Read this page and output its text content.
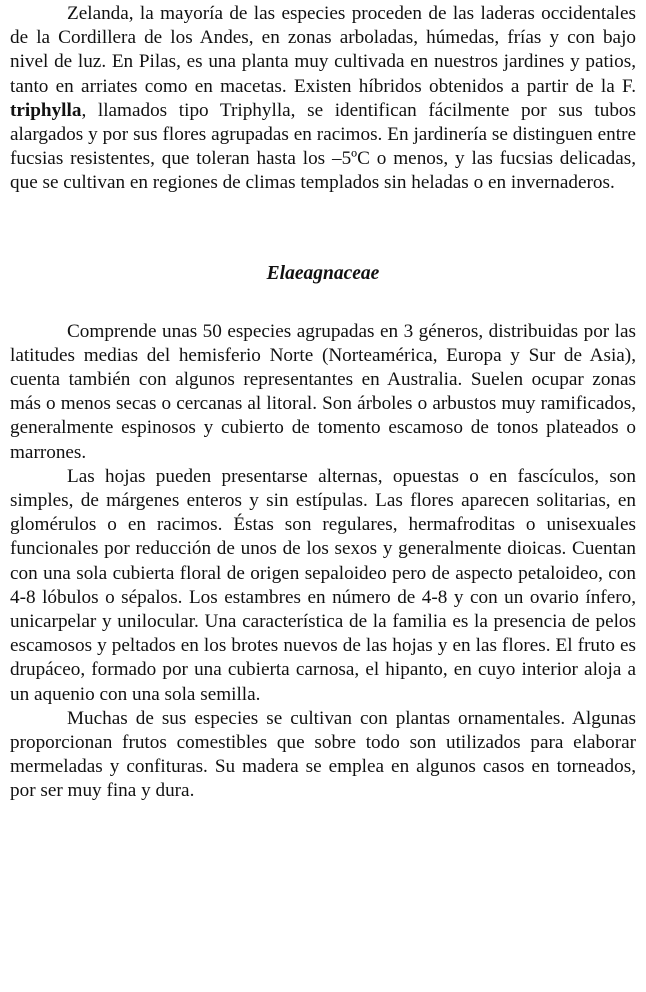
Zelanda, la mayoría de las especies proceden de las laderas occidentales de la Cordillera de los Andes, en zonas arboladas, húmedas, frías y con bajo nivel de luz. En Pilas, es una planta muy cultivada en nuestros jardines y patios, tanto en arriates como en macetas. Existen híbridos obtenidos a partir de la F. triphylla, llamados tipo Triphylla, se identifican fácilmente por sus tubos alargados y por sus flores agrupadas en racimos. En jardinería se distinguen entre fucsias resistentes, que toleran hasta los –5ºC o menos, y las fucsias delicadas, que se cultivan en regiones de climas templados sin heladas o en invernaderos.

Elaeagnaceae

Comprende unas 50 especies agrupadas en 3 géneros, distribuidas por las latitudes medias del hemisferio Norte (Norteamérica, Europa y Sur de Asia), cuenta también con algunos representantes en Australia. Suelen ocupar zonas más o menos secas o cercanas al litoral. Son árboles o arbustos muy ramificados, generalmente espinosos y cubierto de tomento escamoso de tonos plateados o marrones.

Las hojas pueden presentarse alternas, opuestas o en fascículos, son simples, de márgenes enteros y sin estípulas. Las flores aparecen solitarias, en glomérulos o en racimos. Éstas son regulares, hermafroditas o unisexuales funcionales por reducción de unos de los sexos y generalmente dioicas. Cuentan con una sola cubierta floral de origen sepaloideo pero de aspecto petaloideo, con 4-8 lóbulos o sépalos. Los estambres en número de 4-8 y con un ovario ínfero, unicarpelar y unilocular. Una característica de la familia es la presencia de pelos escamosos y peltados en los brotes nuevos de las hojas y en las flores. El fruto es drupáceo, formado por una cubierta carnosa, el hipanto, en cuyo interior aloja a un aquenio con una sola semilla.

Muchas de sus especies se cultivan con plantas ornamentales. Algunas proporcionan frutos comestibles que sobre todo son utilizados para elaborar mermeladas y confituras. Su madera se emplea en algunos casos en torneados, por ser muy fina y dura.
